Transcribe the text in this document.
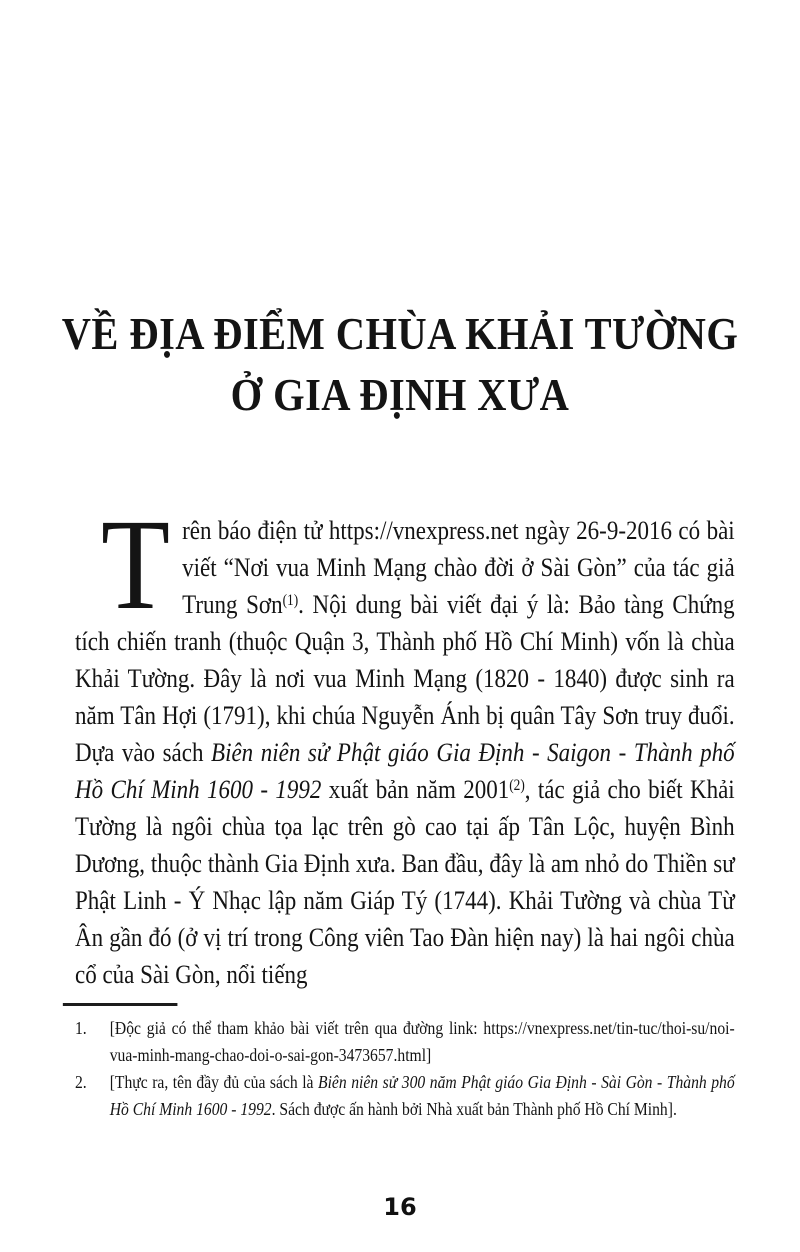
VỀ ĐỊA ĐIỂM CHÙA KHẢI TƯỜNG
Ở GIA ĐỊNH XƯA

Trên báo điện tử https://vnexpress.net ngày 26-9-2016 có bài viết “Nơi vua Minh Mạng chào đời ở Sài Gòn” của tác giả Trung Sơn$^{(1)}$. Nội dung bài viết đại ý là: Bảo tàng Chứng tích chiến tranh (thuộc Quận 3, Thành phố Hồ Chí Minh) vốn là chùa Khải Tường. Đây là nơi vua Minh Mạng (1820 - 1840) được sinh ra năm Tân Hợi (1791), khi chúa Nguyễn Ánh bị quân Tây Sơn truy đuổi. Dựa vào sách Biên niên sử Phật giáo Gia Định - Saigon - Thành phố Hồ Chí Minh 1600 - 1992 xuất bản năm 2001$^{(2)}$, tác giả cho biết Khải Tường là ngôi chùa tọa lạc trên gò cao tại ấp Tân Lộc, huyện Bình Dương, thuộc thành Gia Định xưa. Ban đầu, đây là am nhỏ do Thiền sư Phật Linh - Ý Nhạc lập năm Giáp Tý (1744). Khải Tường và chùa Từ Ân gần đó (ở vị trí trong Công viên Tao Đàn hiện nay) là hai ngôi chùa cổ của Sài Gòn, nổi tiếng

1.	[Độc giả có thể tham khảo bài viết trên qua đường link: https://vnexpress.net/tin-tuc/thoi-su/noi-vua-minh-mang-chao-doi-o-sai-gon-3473657.html]
2.	[Thực ra, tên đầy đủ của sách là Biên niên sử 300 năm Phật giáo Gia Định - Sài Gòn - Thành phố Hồ Chí Minh 1600 - 1992. Sách được ấn hành bởi Nhà xuất bản Thành phố Hồ Chí Minh].
16
